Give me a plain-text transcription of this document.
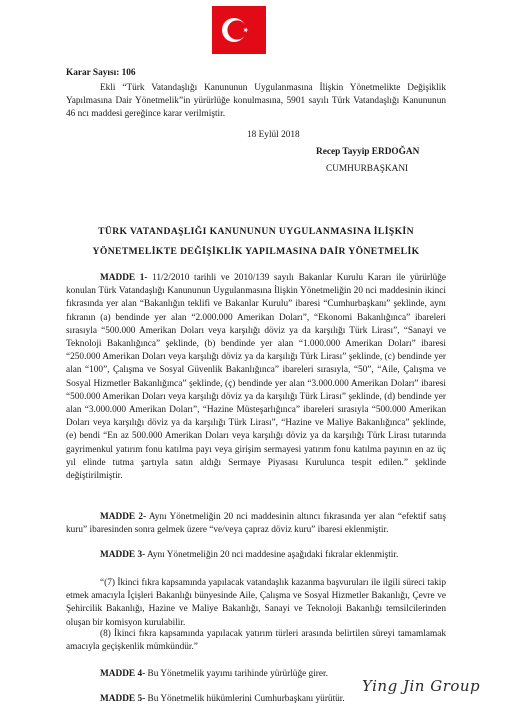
Karar Sayısı: 106

Ekli “Türk Vatandaşlığı Kanununun Uygulanmasına İlişkin Yönetmelikte Değişiklik Yapılmasına Dair Yönetmelik”in yürürlüğe konulmasına, 5901 sayılı Türk Vatandaşlığı Kanununun 46 ncı maddesi gereğince karar verilmiştir.

18 Eylül 2018
Recep Tayyip ERDOĞAN
CUMHURBAŞKANI
TÜRK VATANDAŞLIĞI KANUNUNUN UYGULANMASINA İLİŞKİN
YÖNETMELİKTE DEĞİŞİKLİK YAPILMASINA DAİR YÖNETMELİK

MADDE 1- 11/2/2010 tarihli ve 2010/139 sayılı Bakanlar Kurulu Kararı ile yürürlüğe konulan Türk Vatandaşlığı Kanununun Uygulanmasına İlişkin Yönetmeliğin 20 nci maddesinin ikinci fıkrasında yer alan “Bakanlığın teklifi ve Bakanlar Kurulu” ibaresi “Cumhurbaşkanı” şeklinde, aynı fıkranın (a) bendinde yer alan “2.000.000 Amerikan Doları”, “Ekonomi Bakanlığınca” ibareleri sırasıyla “500.000 Amerikan Doları veya karşılığı döviz ya da karşılığı Türk Lirası”, “Sanayi ve Teknoloji Bakanlığınca” şeklinde, (b) bendinde yer alan “1.000.000 Amerikan Doları” ibaresi “250.000 Amerikan Doları veya karşılığı döviz ya da karşılığı Türk Lirası” şeklinde, (c) bendinde yer alan “100”, Çalışma ve Sosyal Güvenlik Bakanlığınca” ibareleri sırasıyla, “50”, “Aile, Çalışma ve Sosyal Hizmetler Bakanlığınca” şeklinde, (ç) bendinde yer alan “3.000.000 Amerikan Doları” ibaresi “500.000 Amerikan Doları veya karşılığı döviz ya da karşılığı Türk Lirası” şeklinde, (d) bendinde yer alan “3.000.000 Amerikan Doları”, “Hazine Müsteşarlığınca” ibareleri sırasıyla “500.000 Amerikan Doları veya karşılığı döviz ya da karşılığı Türk Lirası”, “Hazine ve Maliye Bakanlığınca” şeklinde, (e) bendi “En az 500.000 Amerikan Doları veya karşılığı döviz ya da karşılığı Türk Lirası tutarında gayrimenkul yatırım fonu katılma payı veya girişim sermayesi yatırım fonu katılma payının en az üç yıl elinde tutma şartıyla satın aldığı Sermaye Piyasası Kurulunca tespit edilen.” şeklinde değiştirilmiştir.

MADDE 2- Aynı Yönetmeliğin 20 nci maddesinin altıncı fıkrasında yer alan “efektif satış kuru” ibaresinden sonra gelmek üzere “ve/veya çapraz döviz kuru” ibaresi eklenmiştir.

MADDE 3- Aynı Yönetmeliğin 20 nci maddesine aşağıdaki fıkralar eklenmiştir.

“(7) İkinci fıkra kapsamında yapılacak vatandaşlık kazanma başvuruları ile ilgili süreci takip etmek amacıyla İçişleri Bakanlığı bünyesinde Aile, Çalışma ve Sosyal Hizmetler Bakanlığı, Çevre ve Şehircilik Bakanlığı, Hazine ve Maliye Bakanlığı, Sanayi ve Teknoloji Bakanlığı temsilcilerinden oluşan bir komisyon kurulabilir.

(8) İkinci fıkra kapsamında yapılacak yatırım türleri arasında belirtilen süreyi tamamlamak amacıyla geçişkenlik mümkündür.”

MADDE 4- Bu Yönetmelik yayımı tarihinde yürürlüğe girer.

MADDE 5- Bu Yönetmelik hükümlerini Cumhurbaşkanı yürütür.

Ying Jin Group
